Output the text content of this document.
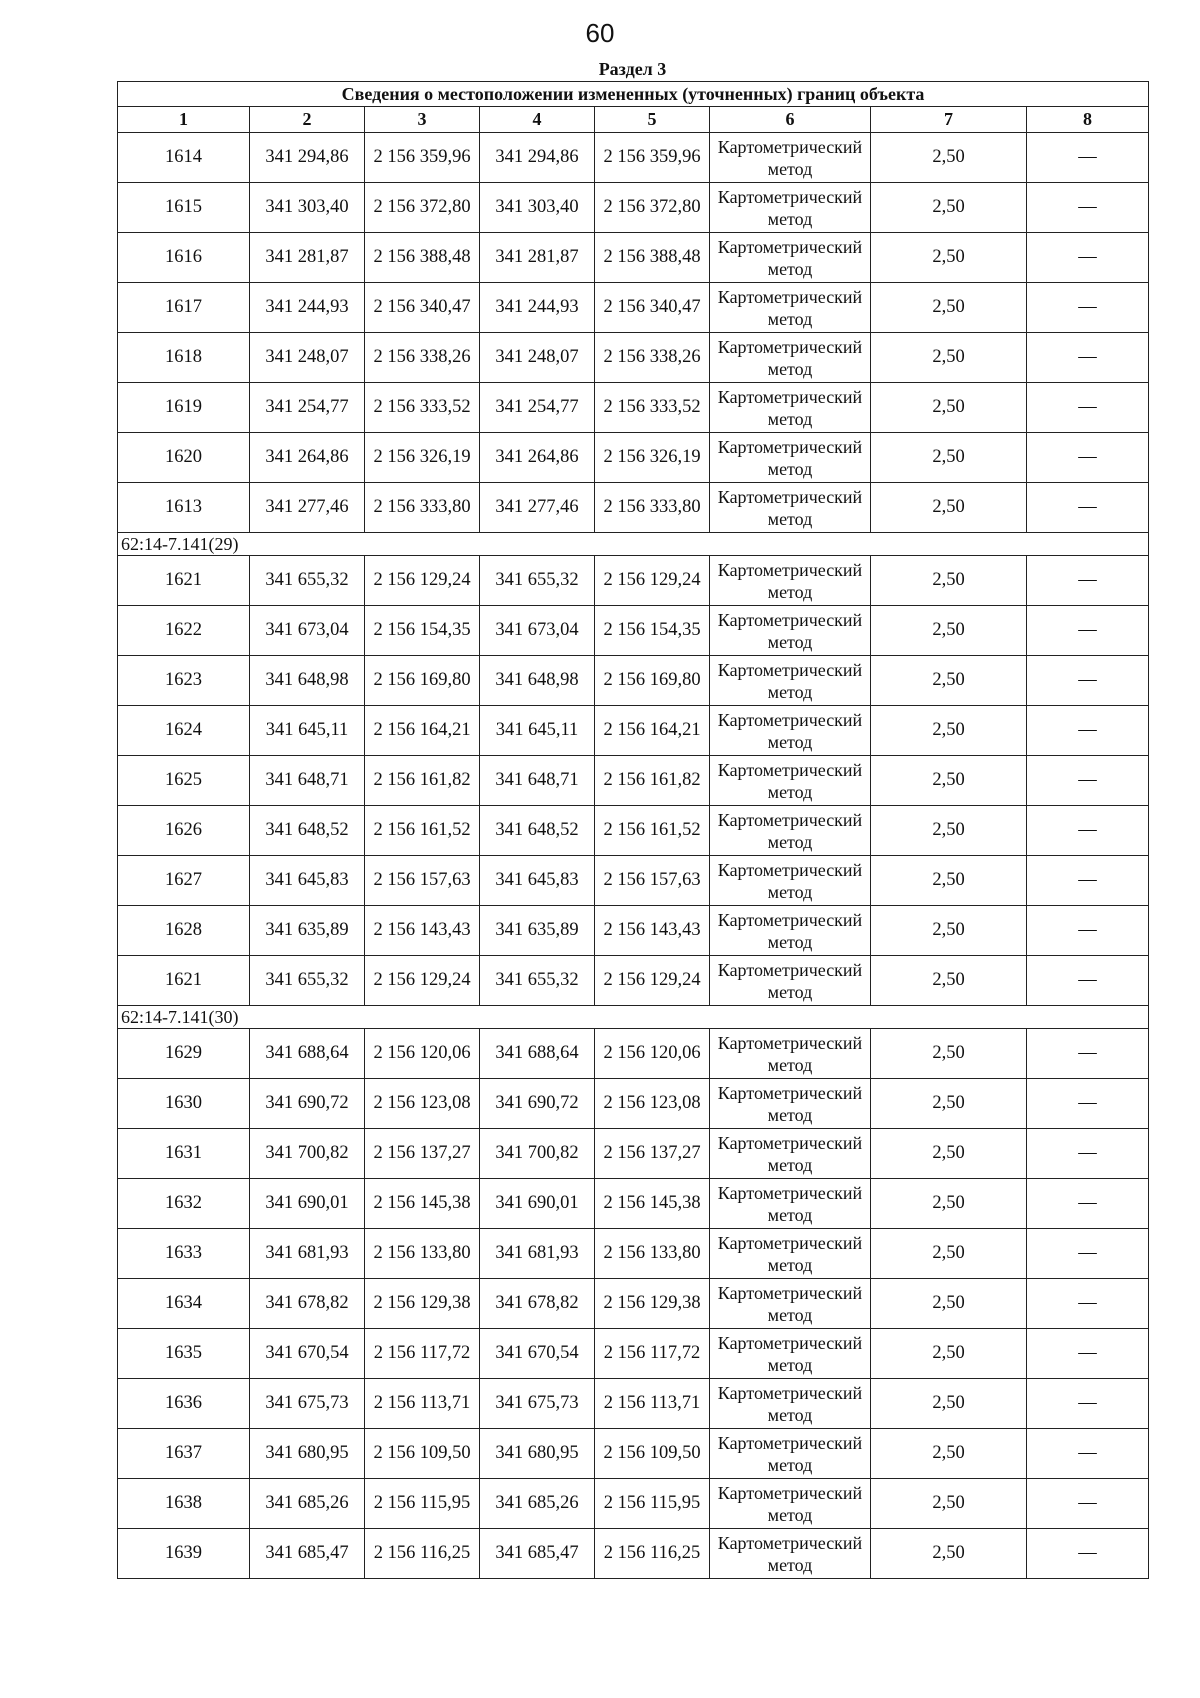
60
Раздел 3
Сведения о местоположении измененных (уточненных) границ объекта							
1	2	3	4	5	6	7	8
1614	341 294,86	2 156 359,96	341 294,86	2 156 359,96	Картометрический метод	2,50	—
1615	341 303,40	2 156 372,80	341 303,40	2 156 372,80	Картометрический метод	2,50	—
1616	341 281,87	2 156 388,48	341 281,87	2 156 388,48	Картометрический метод	2,50	—
1617	341 244,93	2 156 340,47	341 244,93	2 156 340,47	Картометрический метод	2,50	—
1618	341 248,07	2 156 338,26	341 248,07	2 156 338,26	Картометрический метод	2,50	—
1619	341 254,77	2 156 333,52	341 254,77	2 156 333,52	Картометрический метод	2,50	—
1620	341 264,86	2 156 326,19	341 264,86	2 156 326,19	Картометрический метод	2,50	—
1613	341 277,46	2 156 333,80	341 277,46	2 156 333,80	Картометрический метод	2,50	—
62:14-7.141(29)							
1621	341 655,32	2 156 129,24	341 655,32	2 156 129,24	Картометрический метод	2,50	—
1622	341 673,04	2 156 154,35	341 673,04	2 156 154,35	Картометрический метод	2,50	—
1623	341 648,98	2 156 169,80	341 648,98	2 156 169,80	Картометрический метод	2,50	—
1624	341 645,11	2 156 164,21	341 645,11	2 156 164,21	Картометрический метод	2,50	—
1625	341 648,71	2 156 161,82	341 648,71	2 156 161,82	Картометрический метод	2,50	—
1626	341 648,52	2 156 161,52	341 648,52	2 156 161,52	Картометрический метод	2,50	—
1627	341 645,83	2 156 157,63	341 645,83	2 156 157,63	Картометрический метод	2,50	—
1628	341 635,89	2 156 143,43	341 635,89	2 156 143,43	Картометрический метод	2,50	—
1621	341 655,32	2 156 129,24	341 655,32	2 156 129,24	Картометрический метод	2,50	—
62:14-7.141(30)							
1629	341 688,64	2 156 120,06	341 688,64	2 156 120,06	Картометрический метод	2,50	—
1630	341 690,72	2 156 123,08	341 690,72	2 156 123,08	Картометрический метод	2,50	—
1631	341 700,82	2 156 137,27	341 700,82	2 156 137,27	Картометрический метод	2,50	—
1632	341 690,01	2 156 145,38	341 690,01	2 156 145,38	Картометрический метод	2,50	—
1633	341 681,93	2 156 133,80	341 681,93	2 156 133,80	Картометрический метод	2,50	—
1634	341 678,82	2 156 129,38	341 678,82	2 156 129,38	Картометрический метод	2,50	—
1635	341 670,54	2 156 117,72	341 670,54	2 156 117,72	Картометрический метод	2,50	—
1636	341 675,73	2 156 113,71	341 675,73	2 156 113,71	Картометрический метод	2,50	—
1637	341 680,95	2 156 109,50	341 680,95	2 156 109,50	Картометрический метод	2,50	—
1638	341 685,26	2 156 115,95	341 685,26	2 156 115,95	Картометрический метод	2,50	—
1639	341 685,47	2 156 116,25	341 685,47	2 156 116,25	Картометрический метод	2,50	—
